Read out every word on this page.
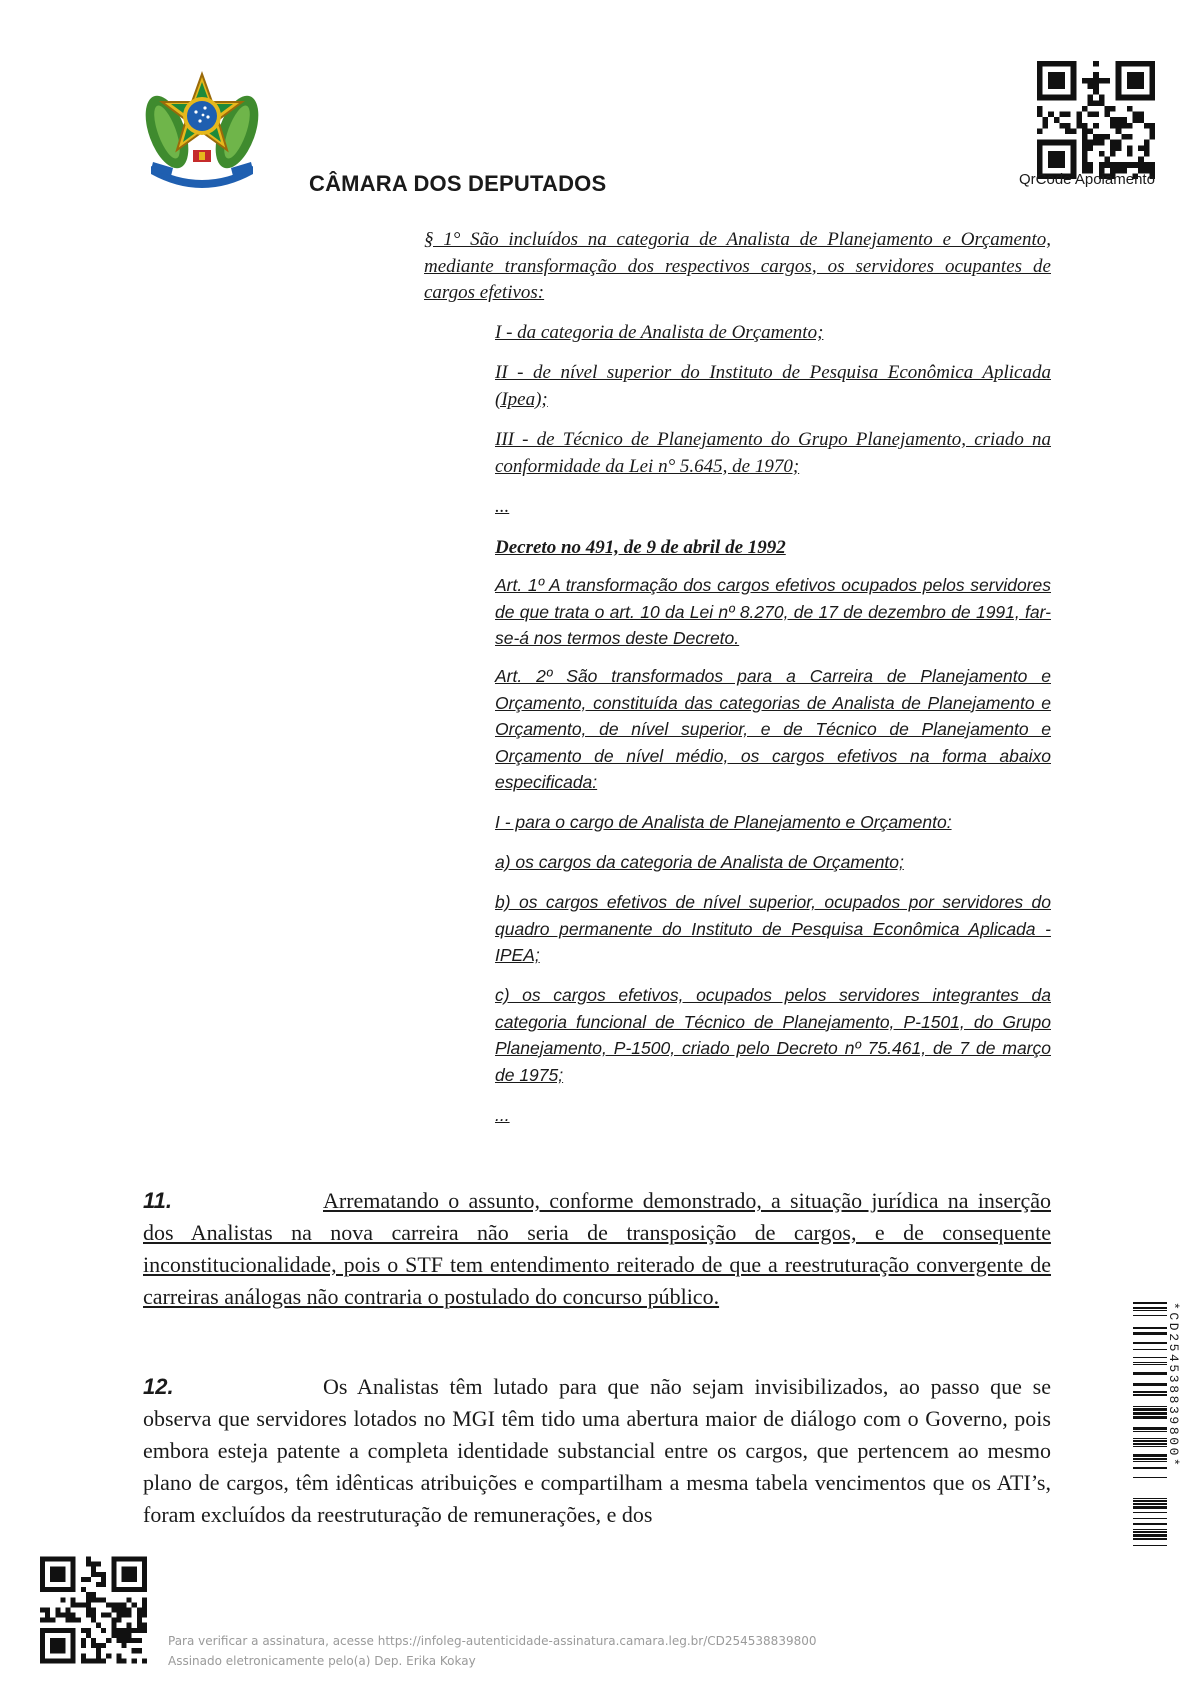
CÂMARA DOS DEPUTADOS	QrCode Apoiamento
§ 1° São incluídos na categoria de Analista de Planejamento e Orçamento, mediante transformação dos respectivos cargos, os servidores ocupantes de cargos efetivos:
I - da categoria de Analista de Orçamento;
II - de nível superior do Instituto de Pesquisa Econômica Aplicada (Ipea);
III - de Técnico de Planejamento do Grupo Planejamento, criado na conformidade da Lei n° 5.645, de 1970;
...
Decreto no 491, de 9 de abril de 1992
Art. 1º A transformação dos cargos efetivos ocupados pelos servidores de que trata o art. 10 da Lei nº 8.270, de 17 de dezembro de 1991, far-se-á nos termos deste Decreto.
Art. 2º São transformados para a Carreira de Planejamento e Orçamento, constituída das categorias de Analista de Planejamento e Orçamento, de nível superior, e de Técnico de Planejamento e Orçamento de nível médio, os cargos efetivos na forma abaixo especificada:
I - para o cargo de Analista de Planejamento e Orçamento:
a) os cargos da categoria de Analista de Orçamento;
b) os cargos efetivos de nível superior, ocupados por servidores do quadro permanente do Instituto de Pesquisa Econômica Aplicada - IPEA;
c) os cargos efetivos, ocupados pelos servidores integrantes da categoria funcional de Técnico de Planejamento, P-1501, do Grupo Planejamento, P-1500, criado pelo Decreto nº 75.461, de 7 de março de 1975;
...
11.	Arrematando o assunto, conforme demonstrado, a situação jurídica na inserção dos Analistas na nova carreira não seria de transposição de cargos, e de consequente inconstitucionalidade, pois o STF tem entendimento reiterado de que a reestruturação convergente de carreiras análogas não contraria o postulado do concurso público.
12.	Os Analistas têm lutado para que não sejam invisibilizados, ao passo que se observa que servidores lotados no MGI têm tido uma abertura maior de diálogo com o Governo, pois embora esteja patente a completa identidade substancial entre os cargos, que pertencem ao mesmo plano de cargos, têm idênticas atribuições e compartilham a mesma tabela vencimentos que os ATI’s, foram excluídos da reestruturação de remunerações, e dos
*CD254538839800*
Para verificar a assinatura, acesse https://infoleg-autenticidade-assinatura.camara.leg.br/CD254538839800
Assinado eletronicamente pelo(a) Dep. Erika Kokay
